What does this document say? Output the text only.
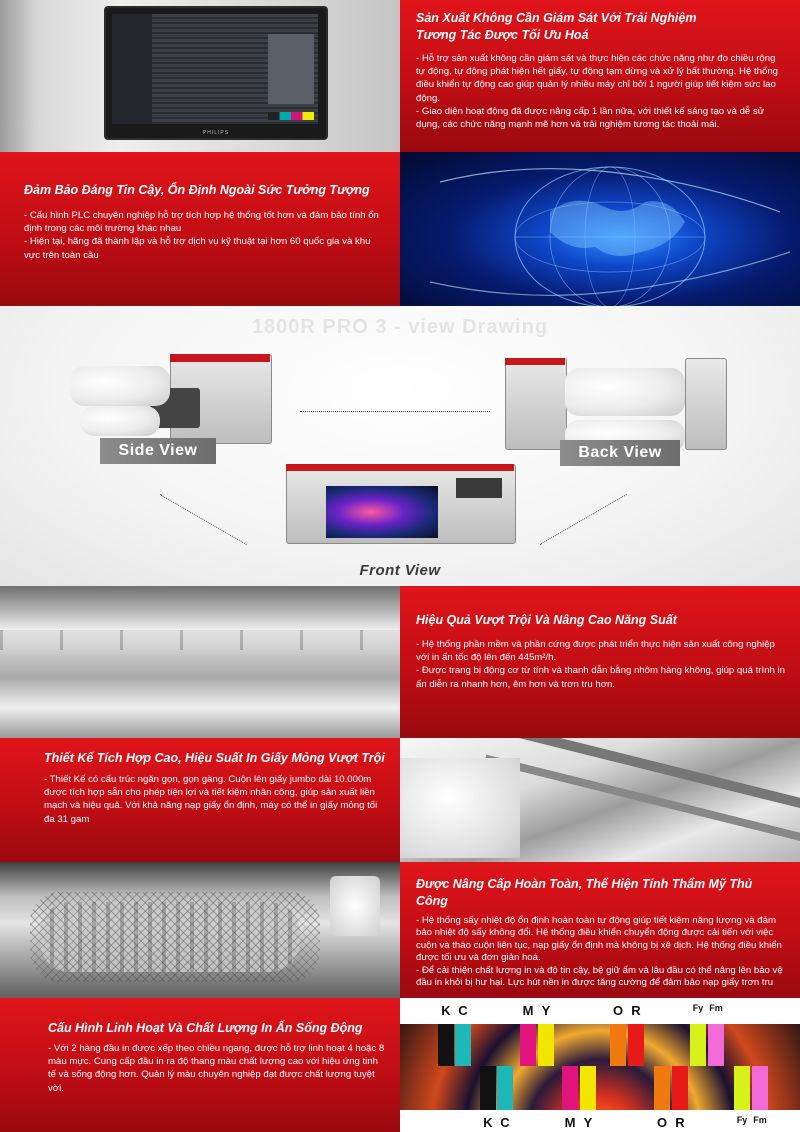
PHILIPS
Sản Xuất Không Cần Giám Sát Với Trải Nghiệm
Tương Tác Được Tối Ưu Hoá

- Hỗ trợ sản xuất không cần giám sát và thực hiện các chức năng như đo chiều rộng tự động, tự động phát hiện hết giấy, tự động tạm dừng và xử lý bất thường. Hệ thống điều khiển tự động cao giúp quản lý nhiều máy chỉ bởi 1 người giúp tiết kiệm sức lao động.

- Giao diện hoạt động đã được nâng cấp 1 lần nữa, với thiết kế sáng tạo và dễ sử dụng, các chức năng mạnh mẽ hơn và trải nghiệm tương tác thoải mái.

Đảm Bảo Đáng Tin Cậy, Ổn Định Ngoài Sức Tưởng Tượng

- Cấu hình PLC chuyên nghiệp hỗ trợ tích hợp hệ thống tốt hơn và đảm bảo tính ổn định trong các môi trường khác nhau

- Hiện tại, hãng đã thành lập và hỗ trợ dịch vụ kỹ thuật tại hơn 60 quốc gia và khu vực trên toàn cầu

1800R PRO 3 - view Drawing
Side View	Back View
Front View
Hiệu Quả Vượt Trội Và Nâng Cao Năng Suất

- Hệ thống phần mềm và phần cứng được phát triển thực hiện sản xuất công nghiệp với in ấn tốc độ lên đến 445m²/h.

- Được trang bị động cơ từ tính và thanh dẫn bằng nhôm hàng không, giúp quá trình in ấn diễn ra nhanh hơn, êm hơn và trơn tru hơn.

Thiết Kế Tích Hợp Cao, Hiệu Suất In Giấy Mỏng Vượt Trội

- Thiết Kế có cấu trúc ngăn gọn, gọn gàng. Cuộn lên giấy jumbo dài 10.000m được tích hợp sẵn cho phép tiện lợi và tiết kiệm nhân công, giúp sản xuất liền mạch và hiệu quả. Với khả năng nạp giấy ổn định, máy có thể in giấy mỏng tối đa 31 gam

Được Nâng Cấp Hoàn Toàn, Thể Hiện Tính Thẩm Mỹ Thủ Công

- Hệ thống sấy nhiệt độ ổn định hoàn toàn tự động giúp tiết kiệm năng lượng và đảm bảo nhiệt độ sấy không đổi. Hệ thống điều khiển chuyển động được cải tiến với việc cuộn và tháo cuộn liên tục, nạp giấy ổn định mà không bị xê dịch. Hệ thống điều khiển được tối ưu và đơn giản hoá.

- Để cải thiện chất lượng in và độ tin cậy, bệ giữ ấm và lâu đầu có thể nâng lên bảo vệ đầu in khỏi bị hư hại. Lực hút nền in được tăng cường để đảm bảo nạp giấy trơn tru

Cấu Hình Linh Hoạt Và Chất Lượng In Ấn Sống Động

- Với 2 hàng đầu in được xếp theo chiều ngang, được hỗ trợ linh hoạt 4 hoặc 8 màu mực. Cung cấp đầu in ra độ thang màu chất lượng cao với hiệu ứng tinh tế và sống động hơn. Quản lý màu chuyên nghiệp đạt được chất lượng tuyệt vời.

K C	M Y	O R	Fy Fm
K C	M Y	O R	Fy Fm
